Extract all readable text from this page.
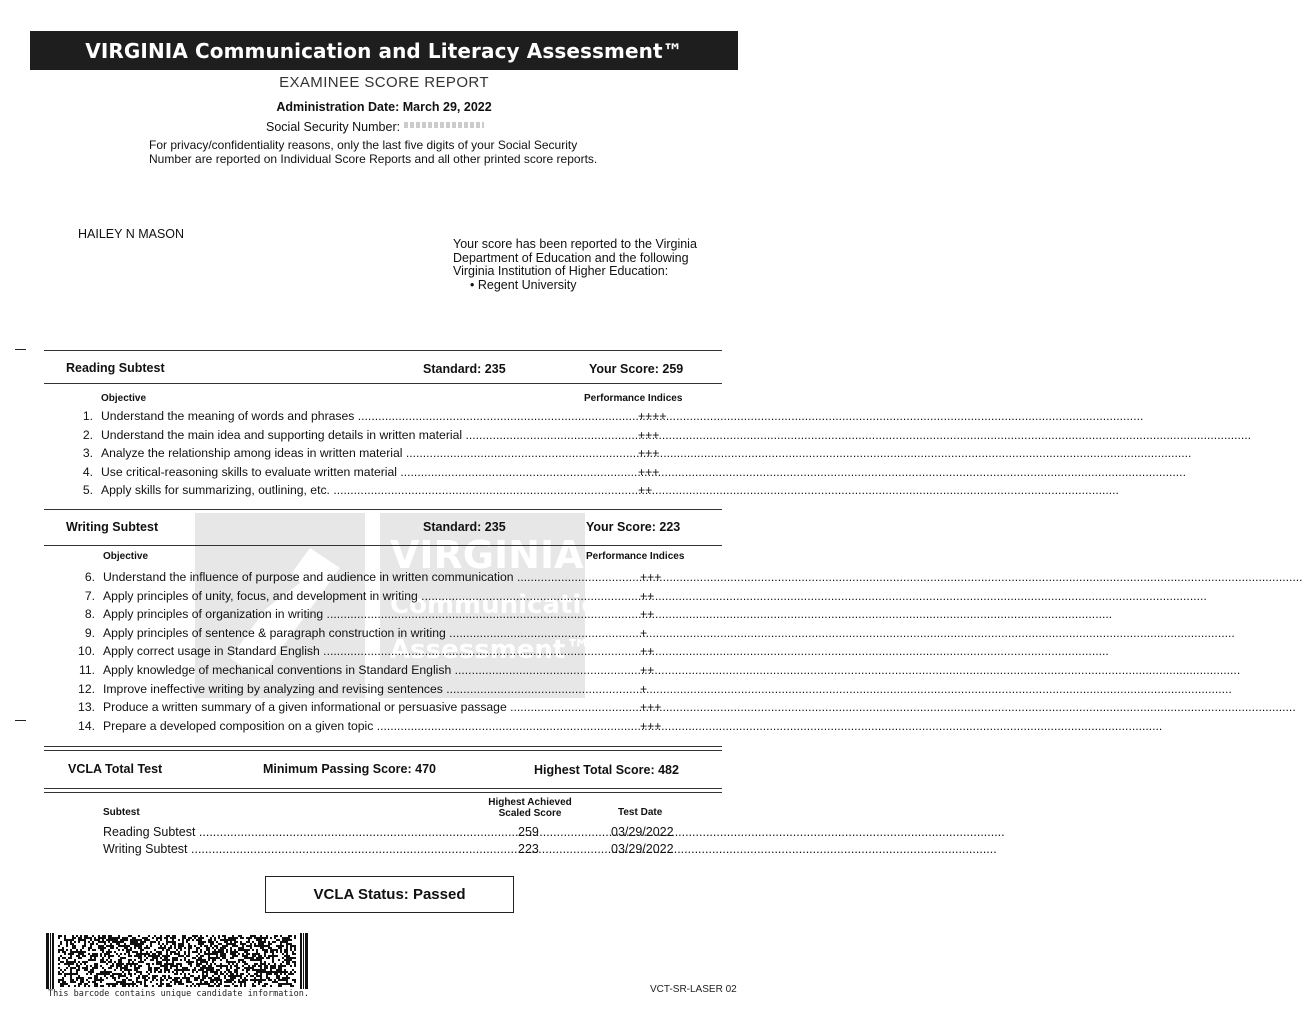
VIRGINIA
Communication
Assessment™
VIRGINIA Communication and Literacy Assessment™
EXAMINEE SCORE REPORT
Administration Date: March 29, 2022
Social Security Number:
For privacy/confidentiality reasons, only the last five digits of your Social Security
Number are reported on Individual Score Reports and all other printed score reports.
HAILEY N MASON
Your score has been reported to the Virginia
Department of Education and the following
Virginia Institution of Higher Education:
• Regent University
Reading Subtest	Standard: 235	Your Score: 259
Objective	Performance Indices
1. Understand the meaning of words and phrases .....	++++
2. Understand the main idea and supporting details in written material .....	+++
3. Analyze the relationship among ideas in written material .....	+++
4. Use critical-reasoning skills to evaluate written material .....	+++
5. Apply skills for summarizing, outlining, etc. .....	++
Writing Subtest	Standard: 235	Your Score: 223
Objective	Performance Indices
6. Understand the influence of purpose and audience in written communication .....	+++
7. Apply principles of unity, focus, and development in writing .....	++
8. Apply principles of organization in writing .....	++
9. Apply principles of sentence & paragraph construction in writing .....	+
10. Apply correct usage in Standard English .....	++
11. Apply knowledge of mechanical conventions in Standard English .....	++
12. Improve ineffective writing by analyzing and revising sentences .....	+
13. Produce a written summary of a given informational or persuasive passage .....	+++
14. Prepare a developed composition on a given topic .....	+++
VCLA Total Test	Minimum Passing Score: 470	Highest Total Score: 482
Subtest
Highest Achieved
Scaled Score	Test Date
Reading Subtest .....	259	03/29/2022
Writing Subtest .....	223	03/29/2022
VCLA Status: Passed
This barcode contains unique candidate information.	VCT-SR-LASER 02
